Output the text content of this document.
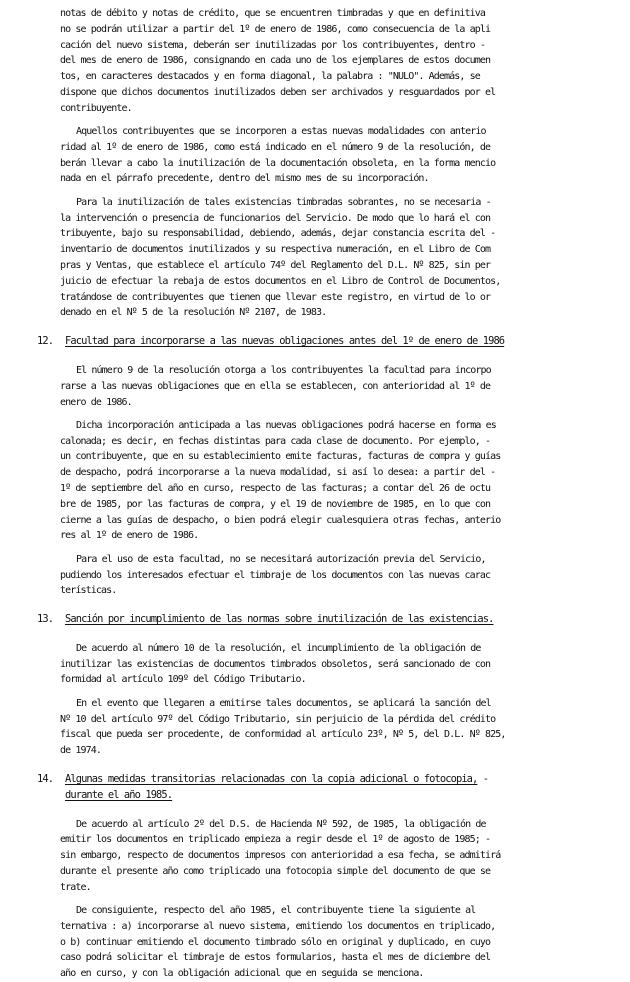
notas de débito y notas de crédito, que se encuentren timbradas y que en definitiva
no se podrán utilizar a partir del 1º de enero de 1986, como consecuencia de la apli
cación del nuevo sistema, deberán ser inutilizadas por los contribuyentes, dentro -
del mes de enero de 1986, consignando en cada uno de los ejemplares de estos documen
tos, en caracteres destacados y en forma diagonal, la palabra : "NULO". Además, se
dispone que dichos documentos inutilizados deben ser archivados y resguardados por el
contribuyente.
Aquellos contribuyentes que se incorporen a estas nuevas modalidades con anterio
ridad al 1º de enero de 1986, como está indicado en el número 9 de la resolución, de
berán llevar a cabo la inutilización de la documentación obsoleta, en la forma mencio
nada en el párrafo precedente, dentro del mismo mes de su incorporación.
Para la inutilización de tales existencias timbradas sobrantes, no se necesaria -
la intervención o presencia de funcionarios del Servicio. De modo que lo hará el con
tribuyente, bajo su responsabilidad, debiendo, además, dejar constancia escrita del -
inventario de documentos inutilizados y su respectiva numeración, en el Libro de Com
pras y Ventas, que establece el artículo 74º del Reglamento del D.L. Nº 825, sin per
juicio de efectuar la rebaja de estos documentos en el Libro de Control de Documentos,
tratándose de contribuyentes que tienen que llevar este registro, en virtud de lo or
denado en el Nº 5 de la resolución Nº 2107, de 1983.
12. Facultad para incorporarse a las nuevas obligaciones antes del 1º de enero de 1986
El número 9 de la resolución otorga a los contribuyentes la facultad para incorpo
rarse a las nuevas obligaciones que en ella se establecen, con anterioridad al 1º de
enero de 1986.
Dicha incorporación anticipada a las nuevas obligaciones podrá hacerse en forma es
calonada; es decir, en fechas distintas para cada clase de documento. Por ejemplo, -
un contribuyente, que en su establecimiento emite facturas, facturas de compra y guías
de despacho, podrá incorporarse a la nueva modalidad, si así lo desea: a partir del -
1º de septiembre del año en curso, respecto de las facturas; a contar del 26 de octu
bre de 1985, por las facturas de compra, y el 19 de noviembre de 1985, en lo que con
cierne a las guías de despacho, o bien podrá elegir cualesquiera otras fechas, anterio
res al 1º de enero de 1986.
Para el uso de esta facultad, no se necesitará autorización previa del Servicio,
pudiendo los interesados efectuar el timbraje de los documentos con las nuevas carac
terísticas.
13. Sanción por incumplimiento de las normas sobre inutilización de las existencias.
De acuerdo al número 10 de la resolución, el incumplimiento de la obligación de
inutilizar las existencias de documentos timbrados obsoletos, será sancionado de con
formidad al artículo 109º del Código Tributario.
En el evento que llegaren a emitirse tales documentos, se aplicará la sanción del
Nº 10 del artículo 97º del Código Tributario, sin perjuicio de la pérdida del crédito
fiscal que pueda ser procedente, de conformidad al artículo 23º, Nº 5, del D.L. Nº 825,
de 1974.
14. Algunas medidas transitorias relacionadas con la copia adicional o fotocopia, -
durante el año 1985.
De acuerdo al artículo 2º del D.S. de Hacienda Nº 592, de 1985, la obligación de
emitir los documentos en triplicado empieza a regir desde el 1º de agosto de 1985; -
sin embargo, respecto de documentos impresos con anterioridad a esa fecha, se admitirá
durante el presente año como triplicado una fotocopia simple del documento de que se
trate.
De consiguiente, respecto del año 1985, el contribuyente tiene la siguiente al
ternativa : a) incorporarse al nuevo sistema, emitiendo los documentos en triplicado,
o b) continuar emitiendo el documento timbrado sólo en original y duplicado, en cuyo
caso podrá solicitar el timbraje de estos formularios, hasta el mes de diciembre del
año en curso, y con la obligación adicional que en seguida se menciona.
